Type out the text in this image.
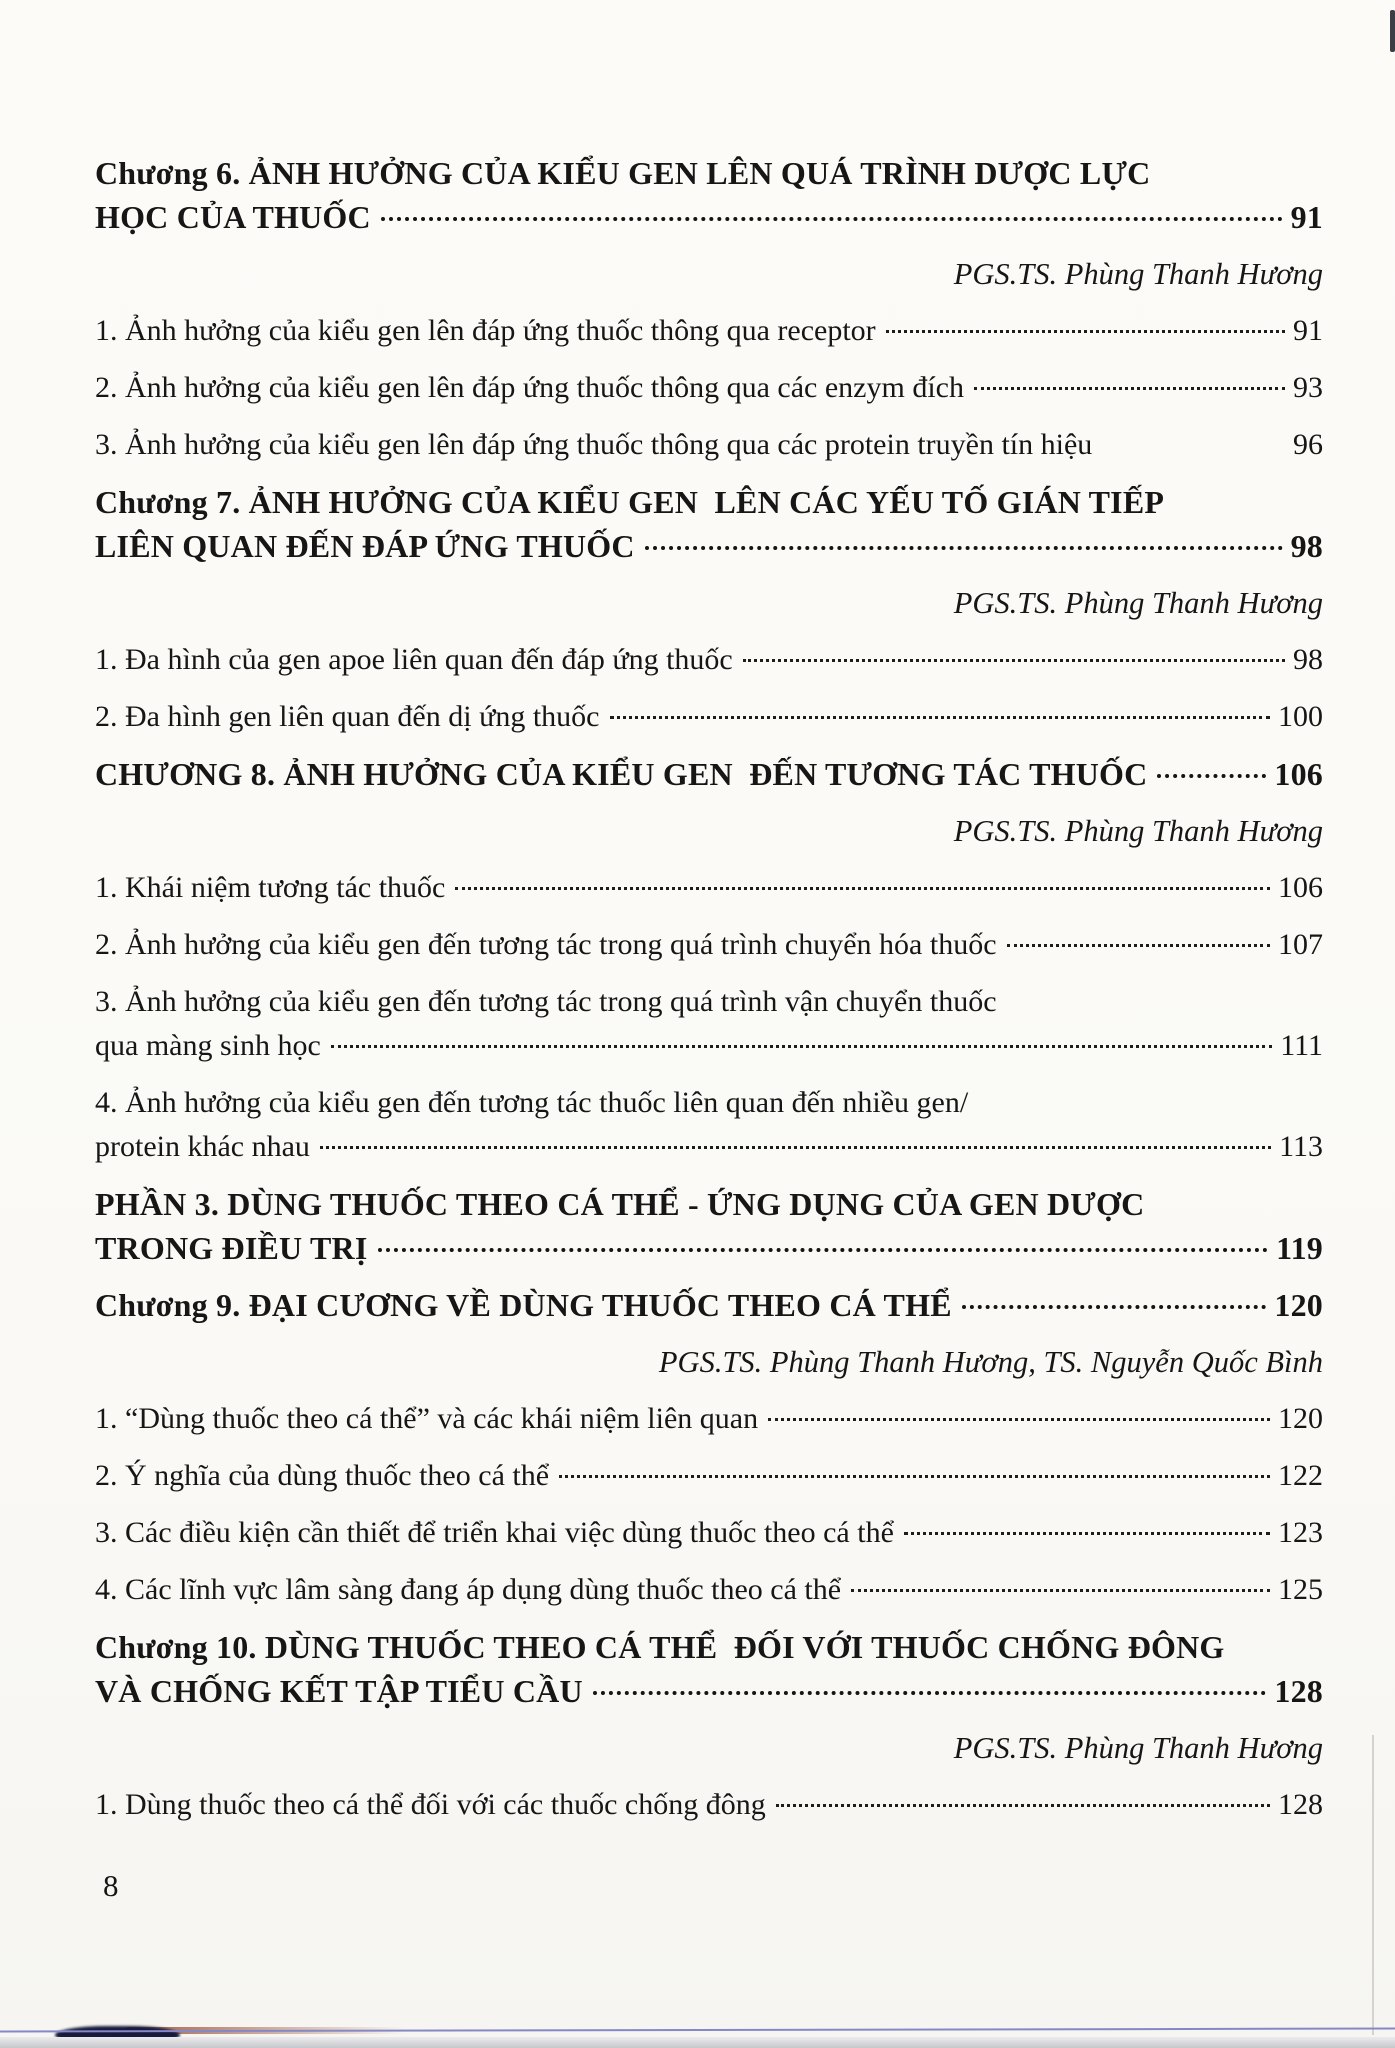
Chương 6. ẢNH HƯỞNG CỦA KIỂU GEN LÊN QUÁ TRÌNH DƯỢC LỰC
HỌC CỦA THUỐC	91
PGS.TS. Phùng Thanh Hương
1. Ảnh hưởng của kiểu gen lên đáp ứng thuốc thông qua receptor	91
2. Ảnh hưởng của kiểu gen lên đáp ứng thuốc thông qua các enzym đích	93
3. Ảnh hưởng của kiểu gen lên đáp ứng thuốc thông qua các protein truyền tín hiệu	96
Chương 7. ẢNH HƯỞNG CỦA KIỂU GEN  LÊN CÁC YẾU TỐ GIÁN TIẾP
LIÊN QUAN ĐẾN ĐÁP ỨNG THUỐC	98
PGS.TS. Phùng Thanh Hương
1. Đa hình của gen apoe liên quan đến đáp ứng thuốc	98
2. Đa hình gen liên quan đến dị ứng thuốc	100
CHƯƠNG 8. ẢNH HƯỞNG CỦA KIỂU GEN  ĐẾN TƯƠNG TÁC THUỐC	106
PGS.TS. Phùng Thanh Hương
1. Khái niệm tương tác thuốc	106
2. Ảnh hưởng của kiểu gen đến tương tác trong quá trình chuyển hóa thuốc	107
3. Ảnh hưởng của kiểu gen đến tương tác trong quá trình vận chuyển thuốc
qua màng sinh học	111
4. Ảnh hưởng của kiểu gen đến tương tác thuốc liên quan đến nhiều gen/
protein khác nhau	113
PHẦN 3. DÙNG THUỐC THEO CÁ THỂ - ỨNG DỤNG CỦA GEN DƯỢC
TRONG ĐIỀU TRỊ	119
Chương 9. ĐẠI CƯƠNG VỀ DÙNG THUỐC THEO CÁ THỂ	120
PGS.TS. Phùng Thanh Hương, TS. Nguyễn Quốc Bình
1. “Dùng thuốc theo cá thể” và các khái niệm liên quan	120
2. Ý nghĩa của dùng thuốc theo cá thể	122
3. Các điều kiện cần thiết để triển khai việc dùng thuốc theo cá thể	123
4. Các lĩnh vực lâm sàng đang áp dụng dùng thuốc theo cá thể	125
Chương 10. DÙNG THUỐC THEO CÁ THỂ  ĐỐI VỚI THUỐC CHỐNG ĐÔNG
VÀ CHỐNG KẾT TẬP TIỂU CẦU	128
PGS.TS. Phùng Thanh Hương
1. Dùng thuốc theo cá thể đối với các thuốc chống đông	128
8
